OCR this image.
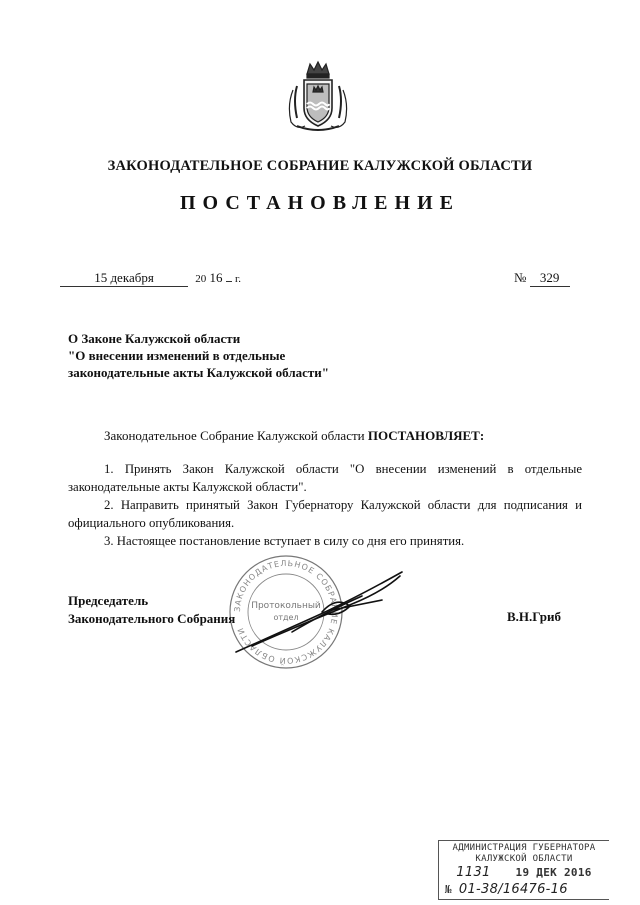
ЗАКОНОДАТЕЛЬНОЕ СОБРАНИЕ КАЛУЖСКОЙ ОБЛАСТИ
ПОСТАНОВЛЕНИЕ
15 декабря	20 16 г.	№ 329
О Законе Калужской области
"О внесении изменений в отдельные
законодательные акты Калужской области"
Законодательное Собрание Калужской области ПОСТАНОВЛЯЕТ:

1. Принять Закон Калужской области "О внесении изменений в отдельные законодательные акты Калужской области".

2. Направить принятый Закон Губернатору Калужской области для подписания и официального опубликования.

3. Настоящее постановление вступает в силу со дня его принятия.

ЗАКОНОДАТЕЛЬНОЕ СОБРАНИЕ КАЛУЖСКОЙ ОБЛАСТИ
Протокольный
отдел
Председатель
Законодательного Собрания	В.Н.Гриб
АДМИНИСТРАЦИЯ ГУБЕРНАТОРА
КАЛУЖСКОЙ ОБЛАСТИ
1131 19 ДЕК 2016
№ 01-38/16476-16
